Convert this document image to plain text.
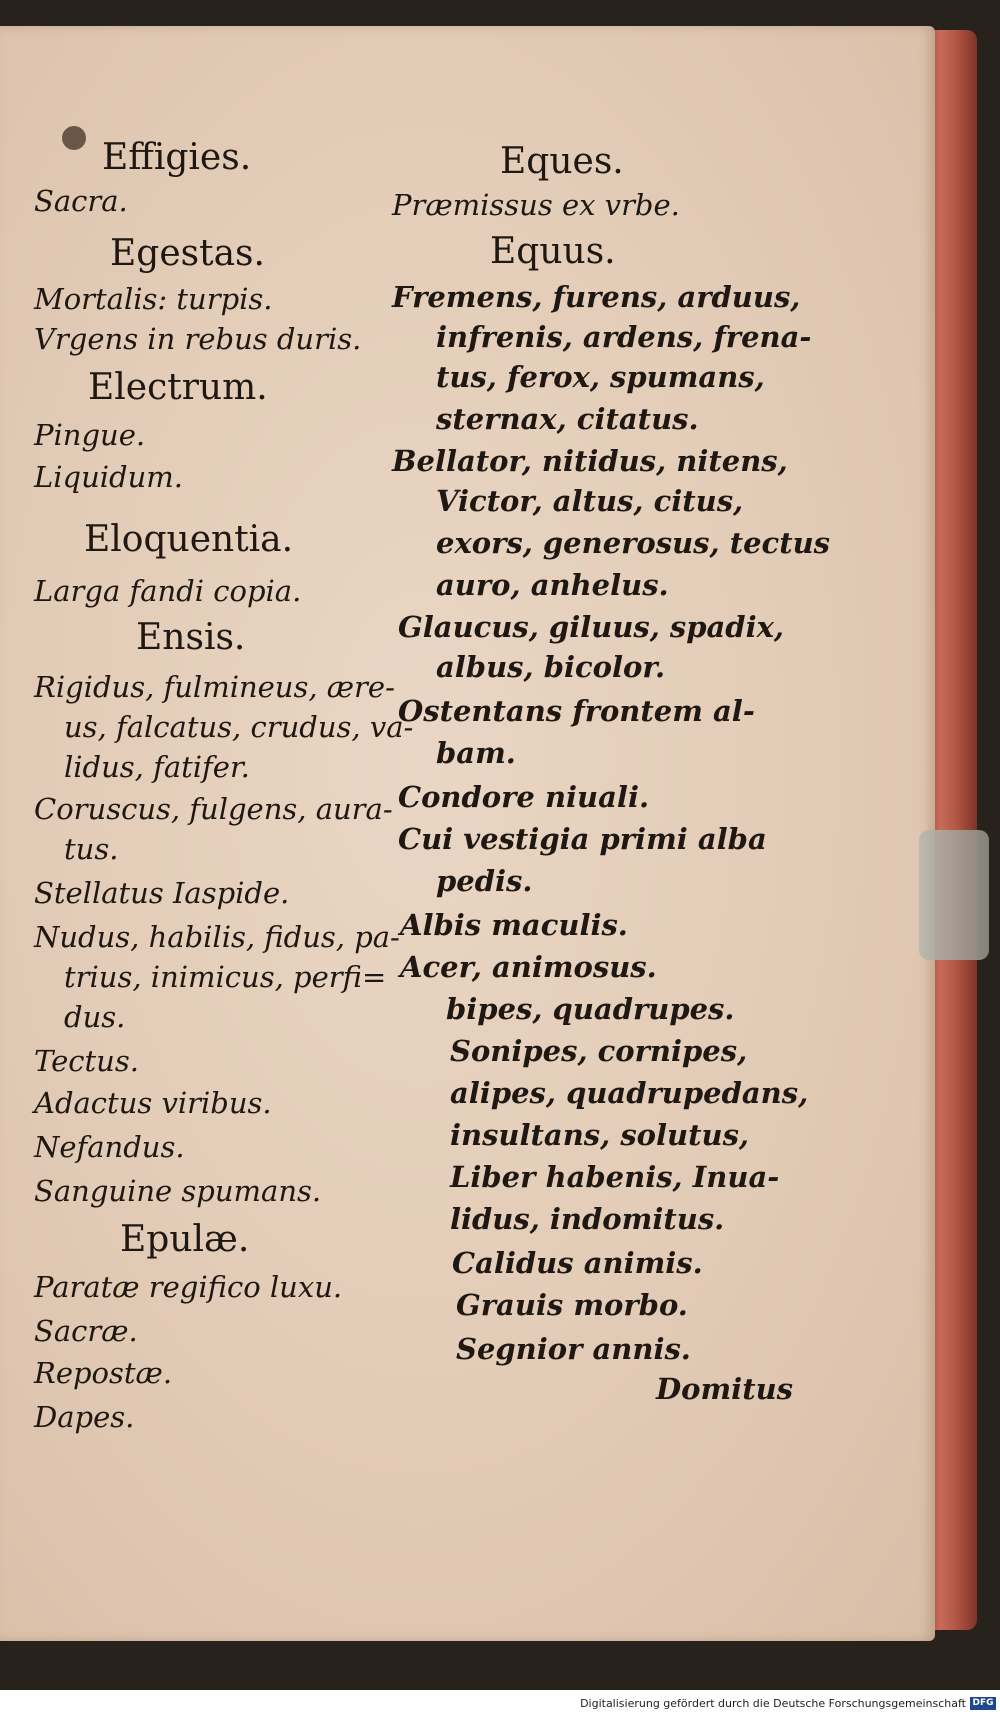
Effigies.
Sacra.
Egestas.
Mortalis: turpis.
Vrgens in rebus duris.
Electrum.
Pingue.
Liquidum.
Eloquentia.
Larga fandi copia.
Ensis.
Rigidus, fulmineus, ære-
us, falcatus, crudus, va-
lidus, fatifer.
Coruscus, fulgens, aura-
tus.
Stellatus Iaspide.
Nudus, habilis, fidus, pa-
trius, inimicus, perfi=
dus.
Tectus.
Adactus viribus.
Nefandus.
Sanguine spumans.
Epulæ.
Paratæ regifico luxu.
Sacræ.
Repostæ.
Dapes.
Eques.
Præmissus ex vrbe.
Equus.
Fremens, furens, arduus,
infrenis, ardens, frena-
tus, ferox, spumans,
sternax, citatus.
Bellator, nitidus, nitens,
Victor, altus, citus,
exors, generosus, tectus
auro, anhelus.
Glaucus, giluus, spadix,
albus, bicolor.
Ostentans frontem al-
bam.
Condore niuali.
Cui vestigia primi alba
pedis.
Albis maculis.
Acer, animosus.
bipes, quadrupes.
Sonipes, cornipes,
alipes, quadrupedans,
insultans, solutus,
Liber habenis, Inua-
lidus, indomitus.
Calidus animis.
Grauis morbo.
Segnior annis.
Domitus
Digitalisierung gefördert durch die Deutsche Forschungsgemeinschaft DFG
